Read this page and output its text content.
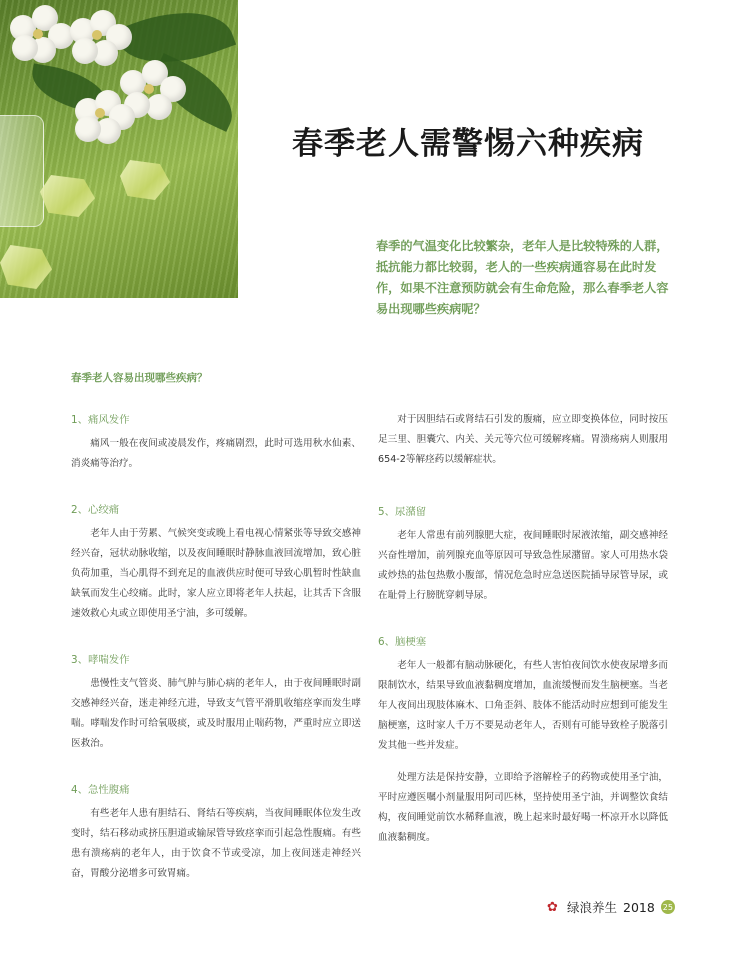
春季老人需警惕六种疾病
春季的气温变化比较繁杂，老年人是比较特殊的人群，抵抗能力都比较弱，老人的一些疾病通容易在此时发作，如果不注意预防就会有生命危险，那么春季老人容易出现哪些疾病呢？
春季老人容易出现哪些疾病？
1、痛风发作
痛风一般在夜间或凌晨发作，疼痛剧烈，此时可选用秋水仙素、消炎痛等治疗。
2、心绞痛
老年人由于劳累、气候突变或晚上看电视心情紧张等导致交感神经兴奋，冠状动脉收缩，以及夜间睡眠时静脉血液回流增加，致心脏负荷加重，当心肌得不到充足的血液供应时便可导致心肌暂时性缺血缺氧而发生心绞痛。此时，家人应立即将老年人扶起，让其舌下含服速效救心丸或立即使用圣宁油，多可缓解。
3、哮喘发作
患慢性支气管炎、肺气肿与肺心病的老年人，由于夜间睡眠时副交感神经兴奋，迷走神经亢进，导致支气管平滑肌收缩痉挛而发生哮喘。哮喘发作时可给氧吸痰，或及时服用止喘药物，严重时应立即送医救治。
4、急性腹痛
有些老年人患有胆结石、肾结石等疾病，当夜间睡眠体位发生改变时，结石移动或挤压胆道或输尿管导致痉挛而引起急性腹痛。有些患有溃疡病的老年人，由于饮食不节或受凉，加上夜间迷走神经兴奋，胃酸分泌增多可致胃痛。
对于因胆结石或肾结石引发的腹痛，应立即变换体位，同时按压足三里、胆囊穴、内关、关元等穴位可缓解疼痛。胃溃疡病人则服用654-2等解痉药以缓解症状。
5、尿潴留
老年人常患有前列腺肥大症，夜间睡眠时尿液浓缩，副交感神经兴奋性增加，前列腺充血等原因可导致急性尿潴留。家人可用热水袋或炒热的盐包热敷小腹部，情况危急时应急送医院插导尿管导尿，或在耻骨上行膀胱穿刺导尿。
6、脑梗塞
老年人一般都有脑动脉硬化，有些人害怕夜间饮水使夜尿增多而限制饮水，结果导致血液黏稠度增加，血流缓慢而发生脑梗塞。当老年人夜间出现肢体麻木、口角歪斜、肢体不能活动时应想到可能发生脑梗塞，这时家人千万不要晃动老年人，否则有可能导致栓子脱落引发其他一些并发症。
处理方法是保持安静，立即给予溶解栓子的药物或使用圣宁油，平时应遵医嘱小剂量服用阿司匹林，坚持使用圣宁油，并调整饮食结构，夜间睡觉前饮水稀释血液，晚上起来时最好喝一杯凉开水以降低血液黏稠度。
✿ 绿浪养生 2018 25
